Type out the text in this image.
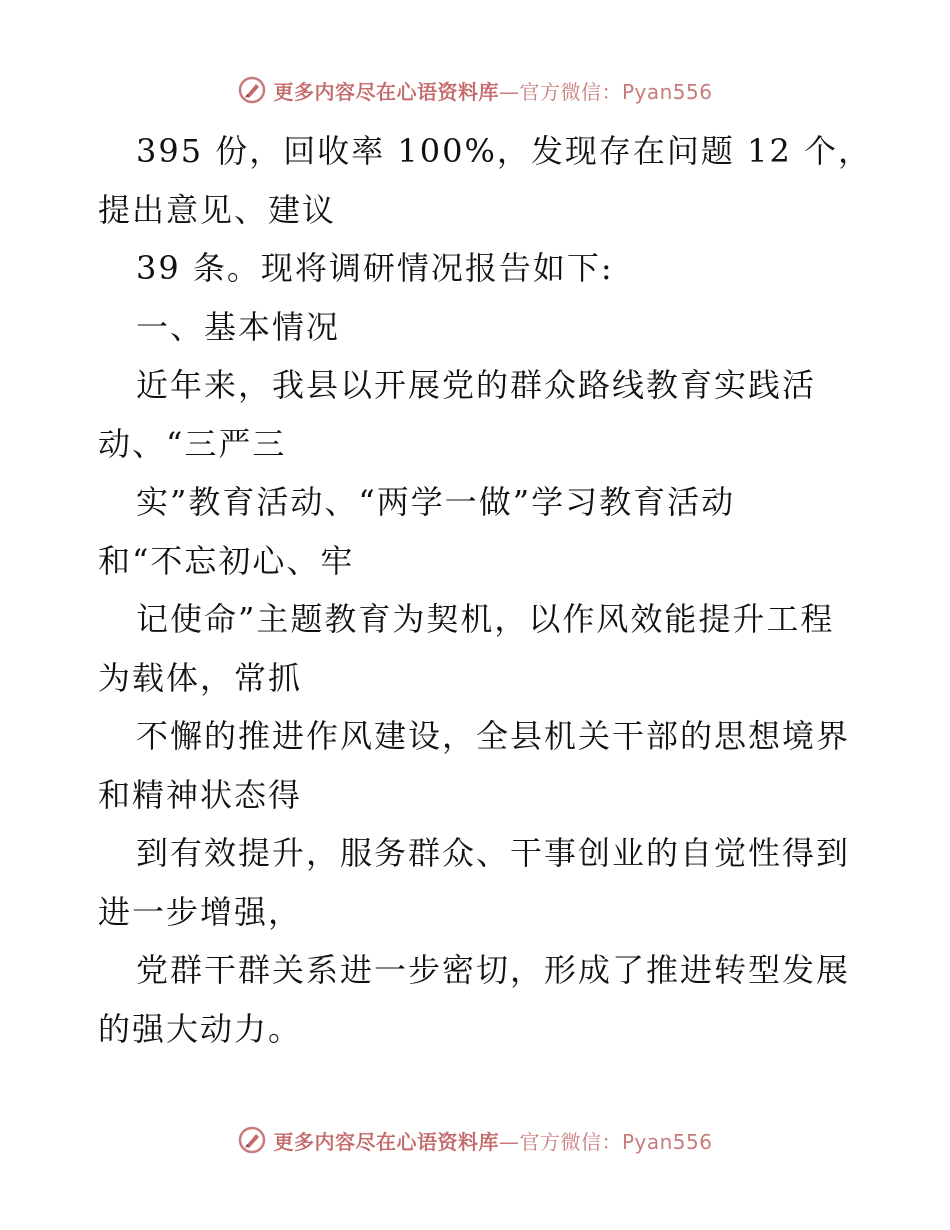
更多内容尽在心语资料库—官方微信：Pyan556
395 份，回收率 100%，发现存在问题 12 个，
提出意见、建议
39 条。现将调研情况报告如下:
一、基本情况
近年来，我县以开展党的群众路线教育实践活
动、“三严三
实”教育活动、“两学一做”学习教育活动
和“不忘初心、牢
记使命”主题教育为契机，以作风效能提升工程
为载体，常抓
不懈的推进作风建设，全县机关干部的思想境界
和精神状态得
到有效提升，服务群众、干事创业的自觉性得到
进一步增强，
党群干群关系进一步密切，形成了推进转型发展
的强大动力。
更多内容尽在心语资料库—官方微信：Pyan556
